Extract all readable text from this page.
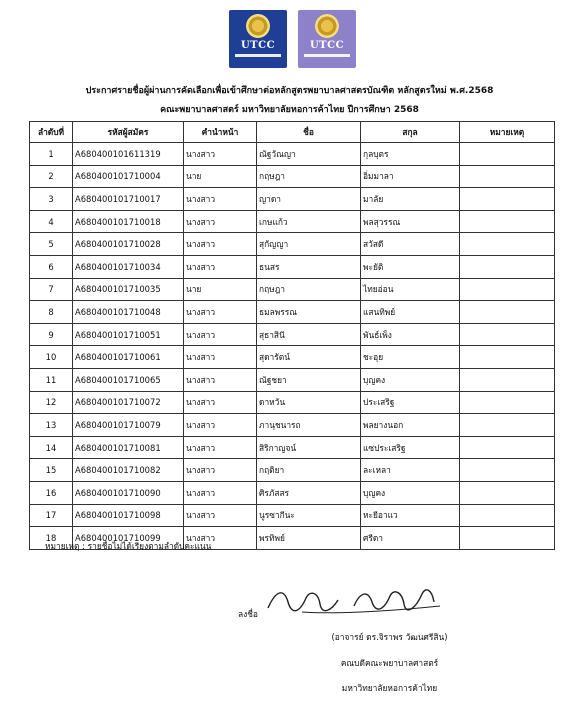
UTCC	UTCC
ประกาศรายชื่อผู้ผ่านการคัดเลือกเพื่อเข้าศึกษาต่อหลักสูตรพยาบาลศาสตรบัณฑิต หลักสูตรใหม่ พ.ศ.2568
คณะพยาบาลศาสตร์ มหาวิทยาลัยหอการค้าไทย ปีการศึกษา 2568
ลำดับที่	รหัสผู้สมัคร	คำนำหน้า	ชื่อ	สกุล	หมายเหตุ
1	A680400101611319	นางสาว	ณัฐวัณญา	กุลบุตร	
2	A680400101710004	นาย	กฤษฎา	อิ่มมาลา	
3	A680400101710017	นางสาว	ญาดา	มาลัย	
4	A680400101710018	นางสาว	เกษแก้ว	พลสุวรรณ	
5	A680400101710028	นางสาว	สุกัญญา	สวัสดี	
6	A680400101710034	นางสาว	ธนสร	พะยัติ	
7	A680400101710035	นาย	กฤษฎา	ไทยอ่อน	
8	A680400101710048	นางสาว	ธมลพรรณ	แสนทิพย์	
9	A680400101710051	นางสาว	สุธาสินี	พันธ์เพ็ง	
10	A680400101710061	นางสาว	สุดารัตน์	ชะอุย	
11	A680400101710065	นางสาว	ณัฐชยา	บุญคง	
12	A680400101710072	นางสาว	ดาหวัน	ประเสริฐ	
13	A680400101710079	นางสาว	ภานุชนารถ	พลยางนอก	
14	A680400101710081	นางสาว	สิริกาญจน์	แซประเสริฐ	
15	A680400101710082	นางสาว	กฤติยา	ละเหลา	
16	A680400101710090	นางสาว	ศิรภัสสร	บุญคง	
17	A680400101710098	นางสาว	นูรซากีนะ	หะยีอาแว	
18	A680400101710099	นางสาว	พรทิพย์	ศรีดา	
หมายเหตุ : รายชื่อไม่ได้เรียงตามลำดับคะแนน
ลงชื่อ
(อาจารย์ ดร.จิราพร วัฒนศรีสิน)
คณบดีคณะพยาบาลศาสตร์
มหาวิทยาลัยหอการค้าไทย
